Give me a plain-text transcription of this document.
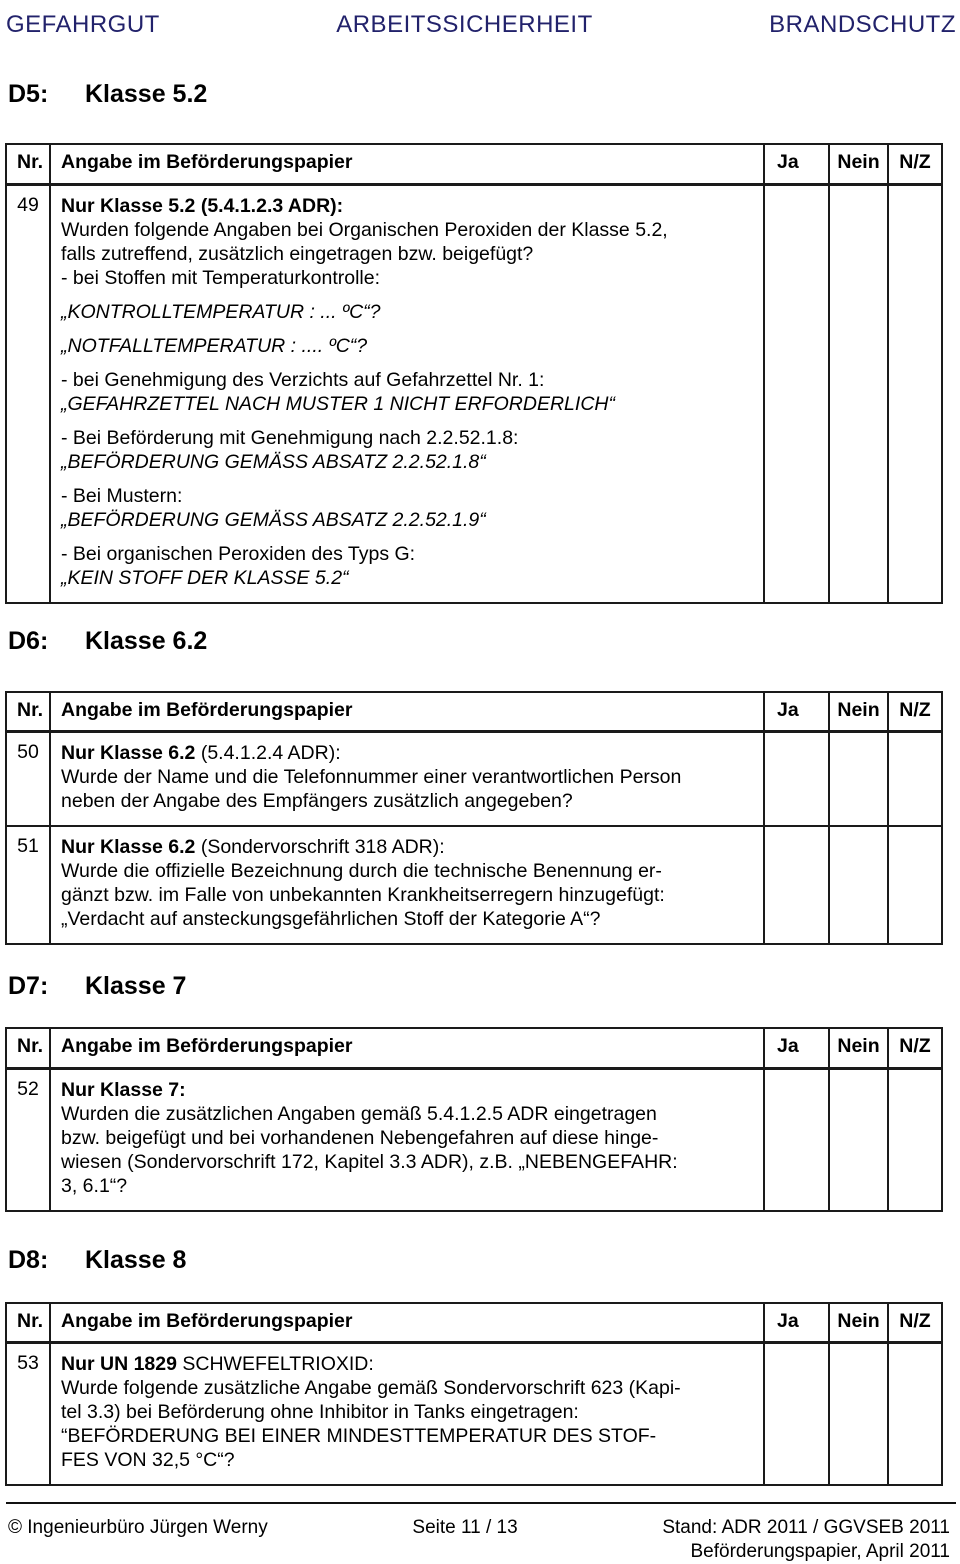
GEFAHRGUT	ARBEITSSICHERHEIT	BRANDSCHUTZ
D5: Klasse 5.2
Nr.	Angabe im Beförderungspapier	Ja	Nein	N/Z
49	Nur Klasse 5.2 (5.4.1.2.3 ADR):
Wurden folgende Angaben bei Organischen Peroxiden der Klasse 5.2,
falls zutreffend, zusätzlich eingetragen bzw. beigefügt?
- bei Stoffen mit Temperaturkontrolle:
„KONTROLLTEMPERATUR : ... ºC“?
„NOTFALLTEMPERATUR : .... ºC“?
- bei Genehmigung des Verzichts auf Gefahrzettel Nr. 1:
„GEFAHRZETTEL NACH MUSTER 1 NICHT ERFORDERLICH“
- Bei Beförderung mit Genehmigung nach 2.2.52.1.8:
„BEFÖRDERUNG GEMÄSS ABSATZ 2.2.52.1.8“
- Bei Mustern:
„BEFÖRDERUNG GEMÄSS ABSATZ 2.2.52.1.9“
- Bei organischen Peroxiden des Typs G:
„KEIN STOFF DER KLASSE 5.2“

D6: Klasse 6.2
Nr.	Angabe im Beförderungspapier	Ja	Nein	N/Z
50	Nur Klasse 6.2 (5.4.1.2.4 ADR):
Wurde der Name und die Telefonnummer einer verantwortlichen Person
neben der Angabe des Empfängers zusätzlich angegeben?			

51	Nur Klasse 6.2 (Sondervorschrift 318 ADR):
Wurde die offizielle Bezeichnung durch die technische Benennung er-
gänzt bzw. im Falle von unbekannten Krankheitserregern hinzugefügt:
„Verdacht auf ansteckungsgefährlichen Stoff der Kategorie A“?			

D7: Klasse 7
Nr.	Angabe im Beförderungspapier	Ja	Nein	N/Z
52	Nur Klasse 7:
Wurden die zusätzlichen Angaben gemäß 5.4.1.2.5 ADR eingetragen
bzw. beigefügt und bei vorhandenen Nebengefahren auf diese hinge-
wiesen (Sondervorschrift 172, Kapitel 3.3 ADR), z.B. „NEBENGEFAHR:
3, 6.1“?			

D8: Klasse 8
Nr.	Angabe im Beförderungspapier	Ja	Nein	N/Z
53	Nur UN 1829 SCHWEFELTRIOXID:
Wurde folgende zusätzliche Angabe gemäß Sondervorschrift 623 (Kapi-
tel 3.3) bei Beförderung ohne Inhibitor in Tanks eingetragen:
“BEFÖRDERUNG BEI EINER MINDESTTEMPERATUR DES STOF-
FES VON 32,5 °C“?			

© Ingenieurbüro Jürgen Werny	Seite 11 / 13	Stand: ADR 2011 / GGVSEB 2011
Beförderungspapier, April 2011
